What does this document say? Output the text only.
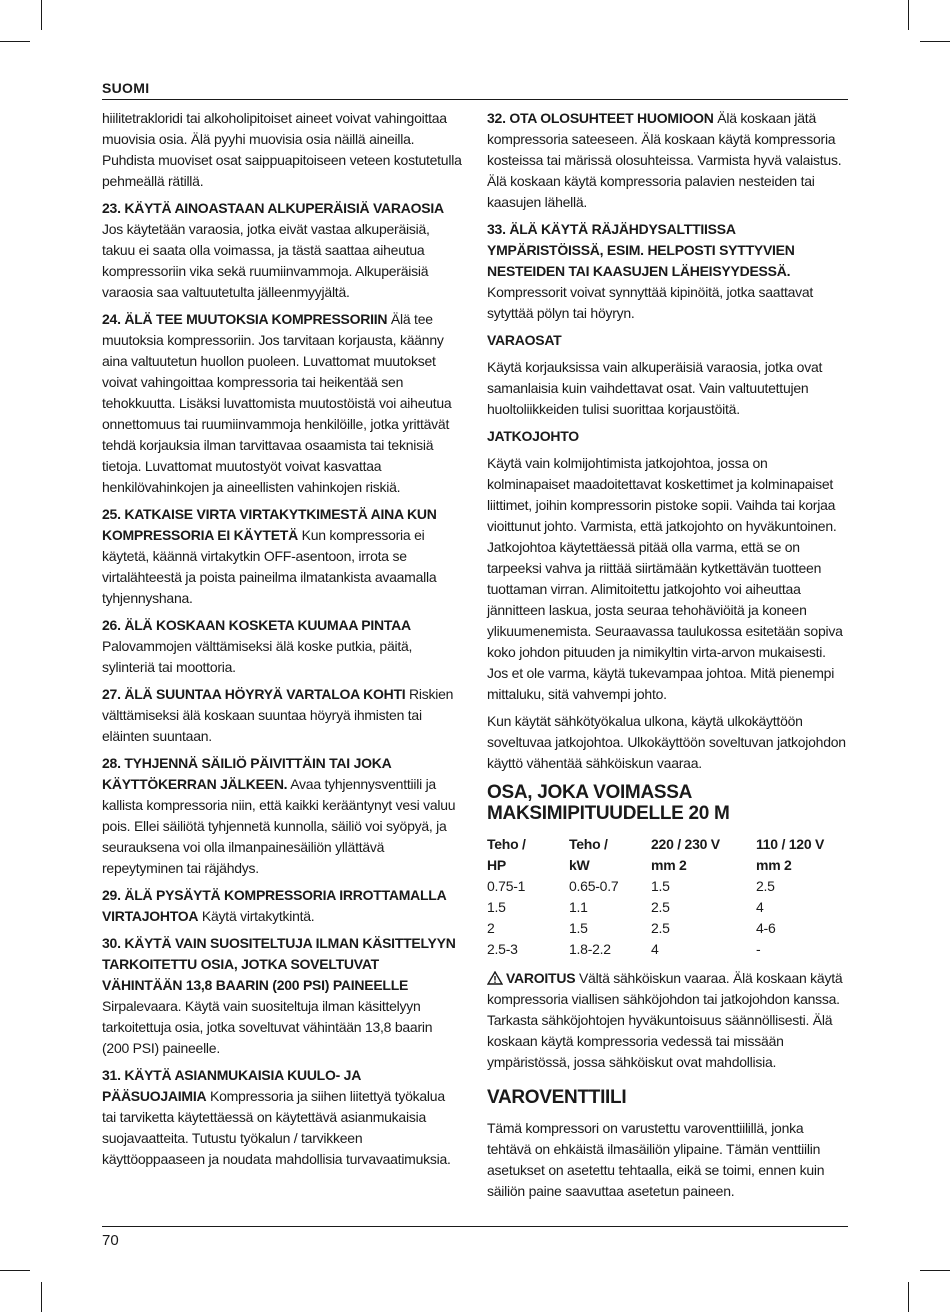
SUOMI

hiilitetrakloridi tai alkoholipitoiset aineet voivat vahingoittaa muovisia osia. Älä pyyhi muovisia osia näillä aineilla. Puhdista muoviset osat saippuapitoiseen veteen kostutetulla pehmeällä rätillä.

23. KÄYTÄ AINOASTAAN ALKUPERÄISIÄ VARAOSIA
Jos käytetään varaosia, jotka eivät vastaa alkuperäisiä, takuu ei saata olla voimassa, ja tästä saattaa aiheutua kompressoriin vika sekä ruumiinvammoja. Alkuperäisiä varaosia saa valtuutetulta jälleenmyyjältä.

24. ÄLÄ TEE MUUTOKSIA KOMPRESSORIIN Älä tee muutoksia kompressoriin. Jos tarvitaan korjausta, käänny aina valtuutetun huollon puoleen. Luvattomat muutokset voivat vahingoittaa kompressoria tai heikentää sen tehokkuutta. Lisäksi luvattomista muutostöistä voi aiheutua onnettomuus tai ruumiinvammoja henkilöille, jotka yrittävät tehdä korjauksia ilman tarvittavaa osaamista tai teknisiä tietoja. Luvattomat muutostyöt voivat kasvattaa henkilövahinkojen ja aineellisten vahinkojen riskiä.

25. KATKAISE VIRTA VIRTAKYTKIMESTÄ AINA KUN KOMPRESSORIA EI KÄYTETÄ Kun kompressoria ei käytetä, käännä virtakytkin OFF-asentoon, irrota se virtalähteestä ja poista paineilma ilmatankista avaamalla tyhjennyshana.

26. ÄLÄ KOSKAAN KOSKETA KUUMAA PINTAA
Palovammojen välttämiseksi älä koske putkia, päitä, sylinteriä tai moottoria.

27. ÄLÄ SUUNTAA HÖYRYÄ VARTALOA KOHTI Riskien välttämiseksi älä koskaan suuntaa höyryä ihmisten tai eläinten suuntaan.

28. TYHJENNÄ SÄILIÖ PÄIVITTÄIN TAI JOKA KÄYTTÖKERRAN JÄLKEEN. Avaa tyhjennysventtiili ja kallista kompressoria niin, että kaikki kerääntynyt vesi valuu pois. Ellei säiliötä tyhjennetä kunnolla, säiliö voi syöpyä, ja seurauksena voi olla ilmanpainesäiliön yllättävä repeytyminen tai räjähdys.

29. ÄLÄ PYSÄYTÄ KOMPRESSORIA IRROTTAMALLA VIRTAJOHTOA Käytä virtakytkintä.

30. KÄYTÄ VAIN SUOSITELTUJA ILMAN KÄSITTELYYN TARKOITETTU OSIA, JOTKA SOVELTUVAT VÄHINTÄÄN 13,8 BAARIN (200 PSI) PAINEELLE Sirpalevaara. Käytä vain suositeltuja ilman käsittelyyn tarkoitettuja osia, jotka soveltuvat vähintään 13,8 baarin (200 PSI) paineelle.

31. KÄYTÄ ASIANMUKAISIA KUULO- JA PÄÄSUOJAIMIA Kompressoria ja siihen liitettyä työkalua tai tarviketta käytettäessä on käytettävä asianmukaisia suojavaatteita. Tutustu työkalun / tarvikkeen käyttöoppaaseen ja noudata mahdollisia turvavaatimuksia.

32. OTA OLOSUHTEET HUOMIOON Älä koskaan jätä kompressoria sateeseen. Älä koskaan käytä kompressoria kosteissa tai märissä olosuhteissa. Varmista hyvä valaistus. Älä koskaan käytä kompressoria palavien nesteiden tai kaasujen lähellä.

33. ÄLÄ KÄYTÄ RÄJÄHDYSALTTIISSA YMPÄRISTÖISSÄ, ESIM. HELPOSTI SYTTYVIEN NESTEIDEN TAI KAASUJEN LÄHEISYYDESSÄ. Kompressorit voivat synnyttää kipinöitä, jotka saattavat sytyttää pölyn tai höyryn.

VARAOSAT

Käytä korjauksissa vain alkuperäisiä varaosia, jotka ovat samanlaisia kuin vaihdettavat osat. Vain valtuutettujen huoltoliikkeiden tulisi suorittaa korjaustöitä.

JATKOJOHTO

Käytä vain kolmijohtimista jatkojohtoa, jossa on kolminapaiset maadoitettavat koskettimet ja kolminapaiset liittimet, joihin kompressorin pistoke sopii. Vaihda tai korjaa vioittunut johto. Varmista, että jatkojohto on hyväkuntoinen. Jatkojohtoa käytettäessä pitää olla varma, että se on tarpeeksi vahva ja riittää siirtämään kytkettävän tuotteen tuottaman virran. Alimitoitettu jatkojohto voi aiheuttaa jännitteen laskua, josta seuraa tehohäviöitä ja koneen ylikuumenemista. Seuraavassa taulukossa esitetään sopiva koko johdon pituuden ja nimikyltin virta-arvon mukaisesti. Jos et ole varma, käytä tukevampaa johtoa. Mitä pienempi mittaluku, sitä vahvempi johto.

Kun käytät sähkötyökalua ulkona, käytä ulkokäyttöön soveltuvaa jatkojohtoa. Ulkokäyttöön soveltuvan jatkojohdon käyttö vähentää sähköiskun vaaraa.

OSA, JOKA VOIMASSA MAKSIMIPITUUDELLE 20 M
Teho /	Teho /	220 / 230 V	110 / 120 V
HP	kW	mm 2	mm 2
0.75-1	0.65-0.7	1.5	2.5
1.5	1.1	2.5	4
2	1.5	2.5	4-6
2.5-3	1.8-2.2	4	-

VAROITUS Vältä sähköiskun vaaraa. Älä koskaan käytä kompressoria viallisen sähköjohdon tai jatkojohdon kanssa. Tarkasta sähköjohtojen hyväkuntoisuus säännöllisesti. Älä koskaan käytä kompressoria vedessä tai missään ympäristössä, jossa sähköiskut ovat mahdollisia.

VAROVENTTIILI

Tämä kompressori on varustettu varoventtiilillä, jonka tehtävä on ehkäistä ilmasäiliön ylipaine. Tämän venttiilin asetukset on asetettu tehtaalla, eikä se toimi, ennen kuin säiliön paine saavuttaa asetetun paineen.

70
